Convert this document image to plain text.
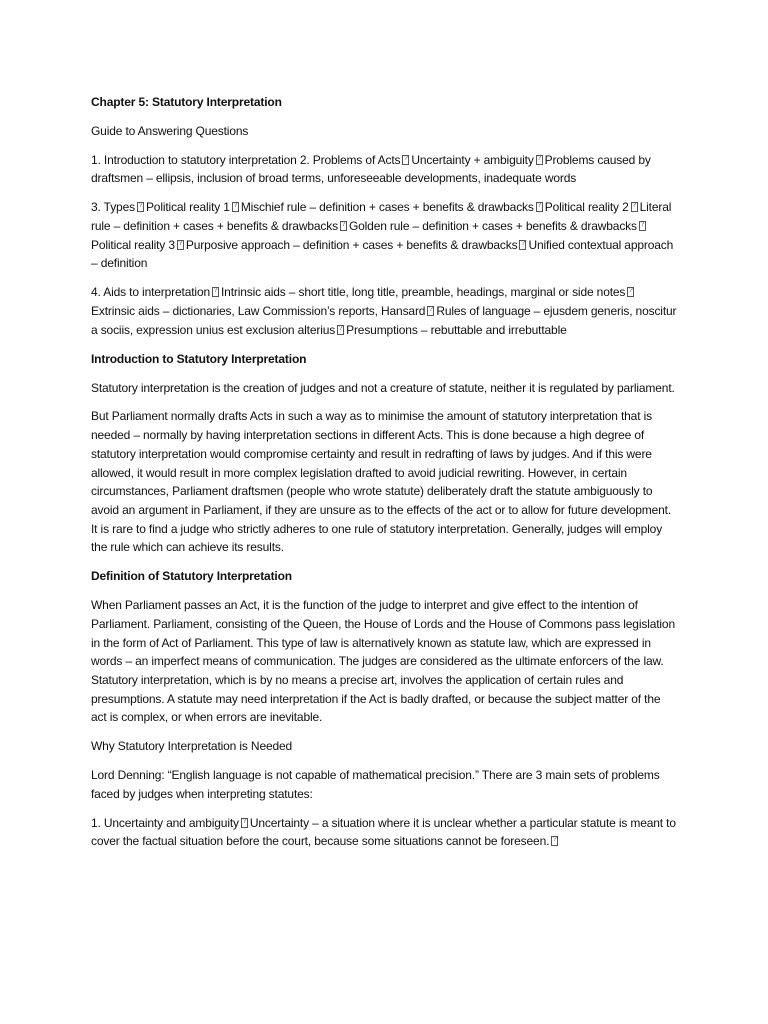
Chapter 5: Statutory Interpretation

Guide to Answering Questions

1. Introduction to statutory interpretation 2. Problems of Acts ? Uncertainty + ambiguity ? Problems caused by draftsmen – ellipsis, inclusion of broad terms, unforeseeable developments, inadequate words

3. Types ? Political reality 1 ? Mischief rule – definition + cases + benefits & drawbacks ? Political reality 2? Literal rule – definition + cases + benefits & drawbacks ? Golden rule – definition + cases + benefits & drawbacks?Political reality 3 ? Purposive approach – definition + cases + benefits & drawbacks ? Unified contextual approach – definition

4. Aids to interpretation ? Intrinsic aids – short title, long title, preamble, headings, marginal or side notes?Extrinsic aids – dictionaries, Law Commission’s reports, Hansard ? Rules of language – ejusdem generis, noscitur a sociis, expression unius est exclusion alterius ? Presumptions – rebuttable and irrebuttable

Introduction to Statutory Interpretation

Statutory interpretation is the creation of judges and not a creature of statute, neither it is regulated by parliament.

But Parliament normally drafts Acts in such a way as to minimise the amount of statutory interpretation that is needed – normally by having interpretation sections in different Acts. This is done because a high degree of statutory interpretation would compromise certainty and result in redrafting of laws by judges. And if this were allowed, it would result in more complex legislation drafted to avoid judicial rewriting. However, in certain circumstances, Parliament draftsmen (people who wrote statute) deliberately draft the statute ambiguously to avoid an argument in Parliament, if they are unsure as to the effects of the act or to allow for future development. It is rare to find a judge who strictly adheres to one rule of statutory interpretation. Generally, judges will employ the rule which can achieve its results.

Definition of Statutory Interpretation

When Parliament passes an Act, it is the function of the judge to interpret and give effect to the intention of Parliament. Parliament, consisting of the Queen, the House of Lords and the House of Commons pass legislation in the form of Act of Parliament. This type of law is alternatively known as statute law, which are expressed in words – an imperfect means of communication. The judges are considered as the ultimate enforcers of the law. Statutory interpretation, which is by no means a precise art, involves the application of certain rules and presumptions. A statute may need interpretation if the Act is badly drafted, or because the subject matter of the act is complex, or when errors are inevitable.

Why Statutory Interpretation is Needed

Lord Denning: “English language is not capable of mathematical precision.” There are 3 main sets of problems faced by judges when interpreting statutes:

1. Uncertainty and ambiguity ? Uncertainty – a situation where it is unclear whether a particular statute is meant to cover the factual situation before the court, because some situations cannot be foreseen.?
